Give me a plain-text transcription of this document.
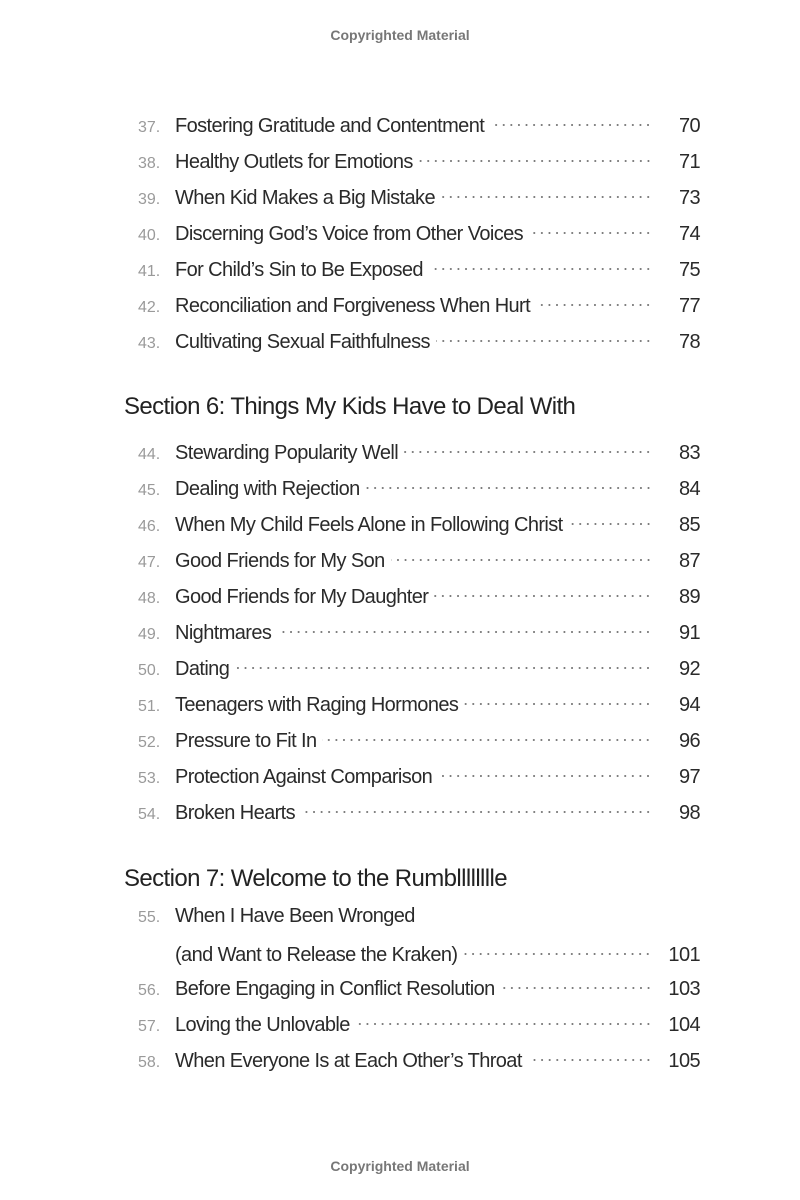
Copyrighted Material
37. Fostering Gratitude and Contentment	70
38. Healthy Outlets for Emotions	71
39. When Kid Makes a Big Mistake	73
40. Discerning God’s Voice from Other Voices	74
41. For Child’s Sin to Be Exposed	75
42. Reconciliation and Forgiveness When Hurt	77
43. Cultivating Sexual Faithfulness	78
Section 6: Things My Kids Have to Deal With
44. Stewarding Popularity Well	83
45. Dealing with Rejection	84
46. When My Child Feels Alone in Following Christ	85
47. Good Friends for My Son	87
48. Good Friends for My Daughter	89
49. Nightmares	91
50. Dating	92
51. Teenagers with Raging Hormones	94
52. Pressure to Fit In	96
53. Protection Against Comparison	97
54. Broken Hearts	98
Section 7: Welcome to the Rumblllllllle
55. When I Have Been Wronged
(and Want to Release the Kraken)	101
56. Before Engaging in Conflict Resolution	103
57. Loving the Unlovable	104
58. When Everyone Is at Each Other’s Throat	105
Copyrighted Material
